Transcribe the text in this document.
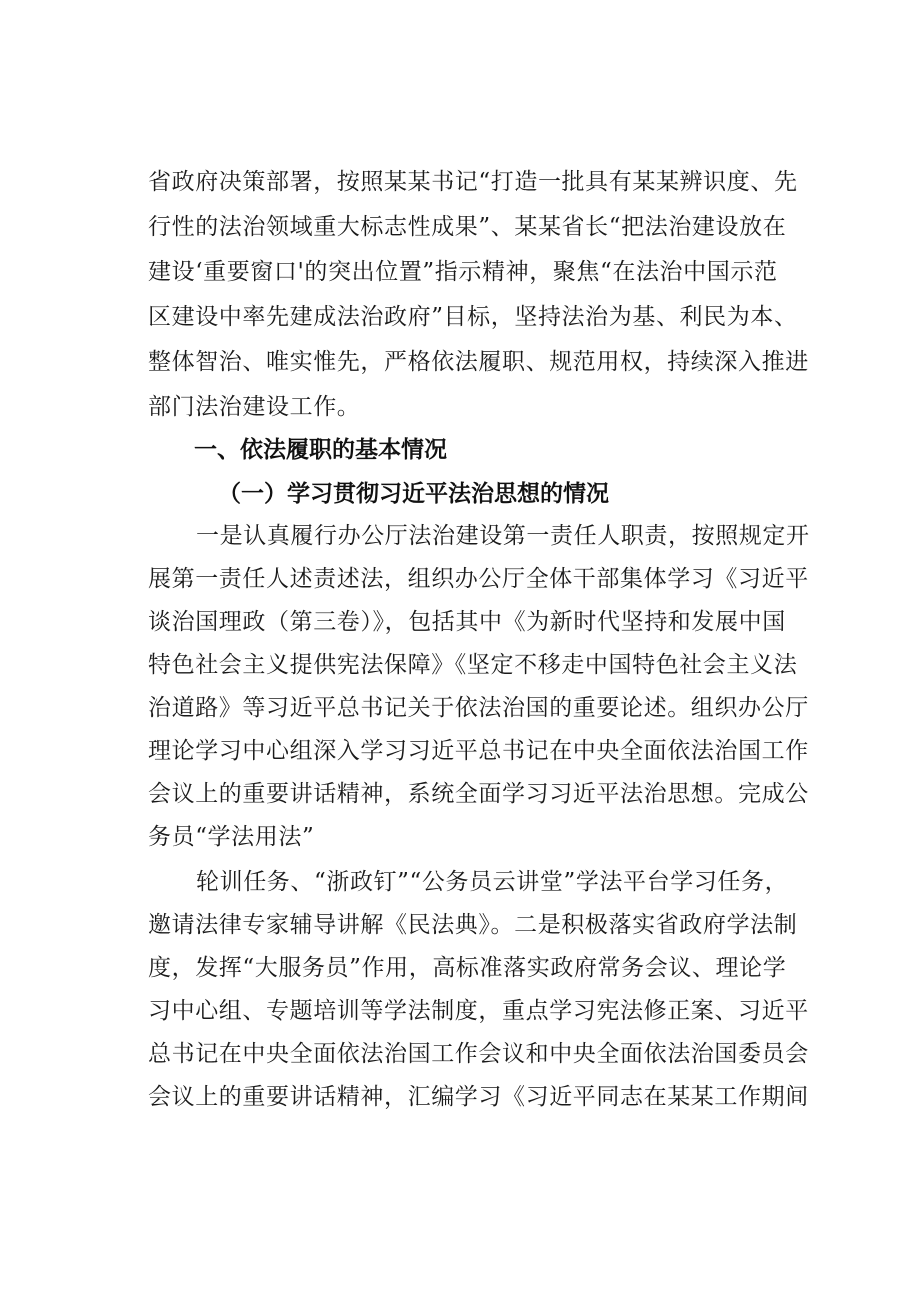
省政府决策部署，按照某某书记“打造一批具有某某辨识度、先
行性的法治领域重大标志性成果”、某某省长“把法治建设放在
建设‘重要窗口'的突出位置”指示精神，聚焦“在法治中国示范
区建设中率先建成法治政府”目标，坚持法治为基、利民为本、
整体智治、唯实惟先，严格依法履职、规范用权，持续深入推进
部门法治建设工作。
一、依法履职的基本情况
（一）学习贯彻习近平法治思想的情况
一是认真履行办公厅法治建设第一责任人职责，按照规定开
展第一责任人述责述法，组织办公厅全体干部集体学习《习近平
谈治国理政（第三卷）》，包括其中《为新时代坚持和发展中国
特色社会主义提供宪法保障》《坚定不移走中国特色社会主义法
治道路》等习近平总书记关于依法治国的重要论述。组织办公厅
理论学习中心组深入学习习近平总书记在中央全面依法治国工作
会议上的重要讲话精神，系统全面学习习近平法治思想。完成公
务员“学法用法”
轮训任务、“浙政钉”“公务员云讲堂”学法平台学习任务，
邀请法律专家辅导讲解《民法典》。二是积极落实省政府学法制
度，发挥“大服务员”作用，高标准落实政府常务会议、理论学
习中心组、专题培训等学法制度，重点学习宪法修正案、习近平
总书记在中央全面依法治国工作会议和中央全面依法治国委员会
会议上的重要讲话精神，汇编学习《习近平同志在某某工作期间
